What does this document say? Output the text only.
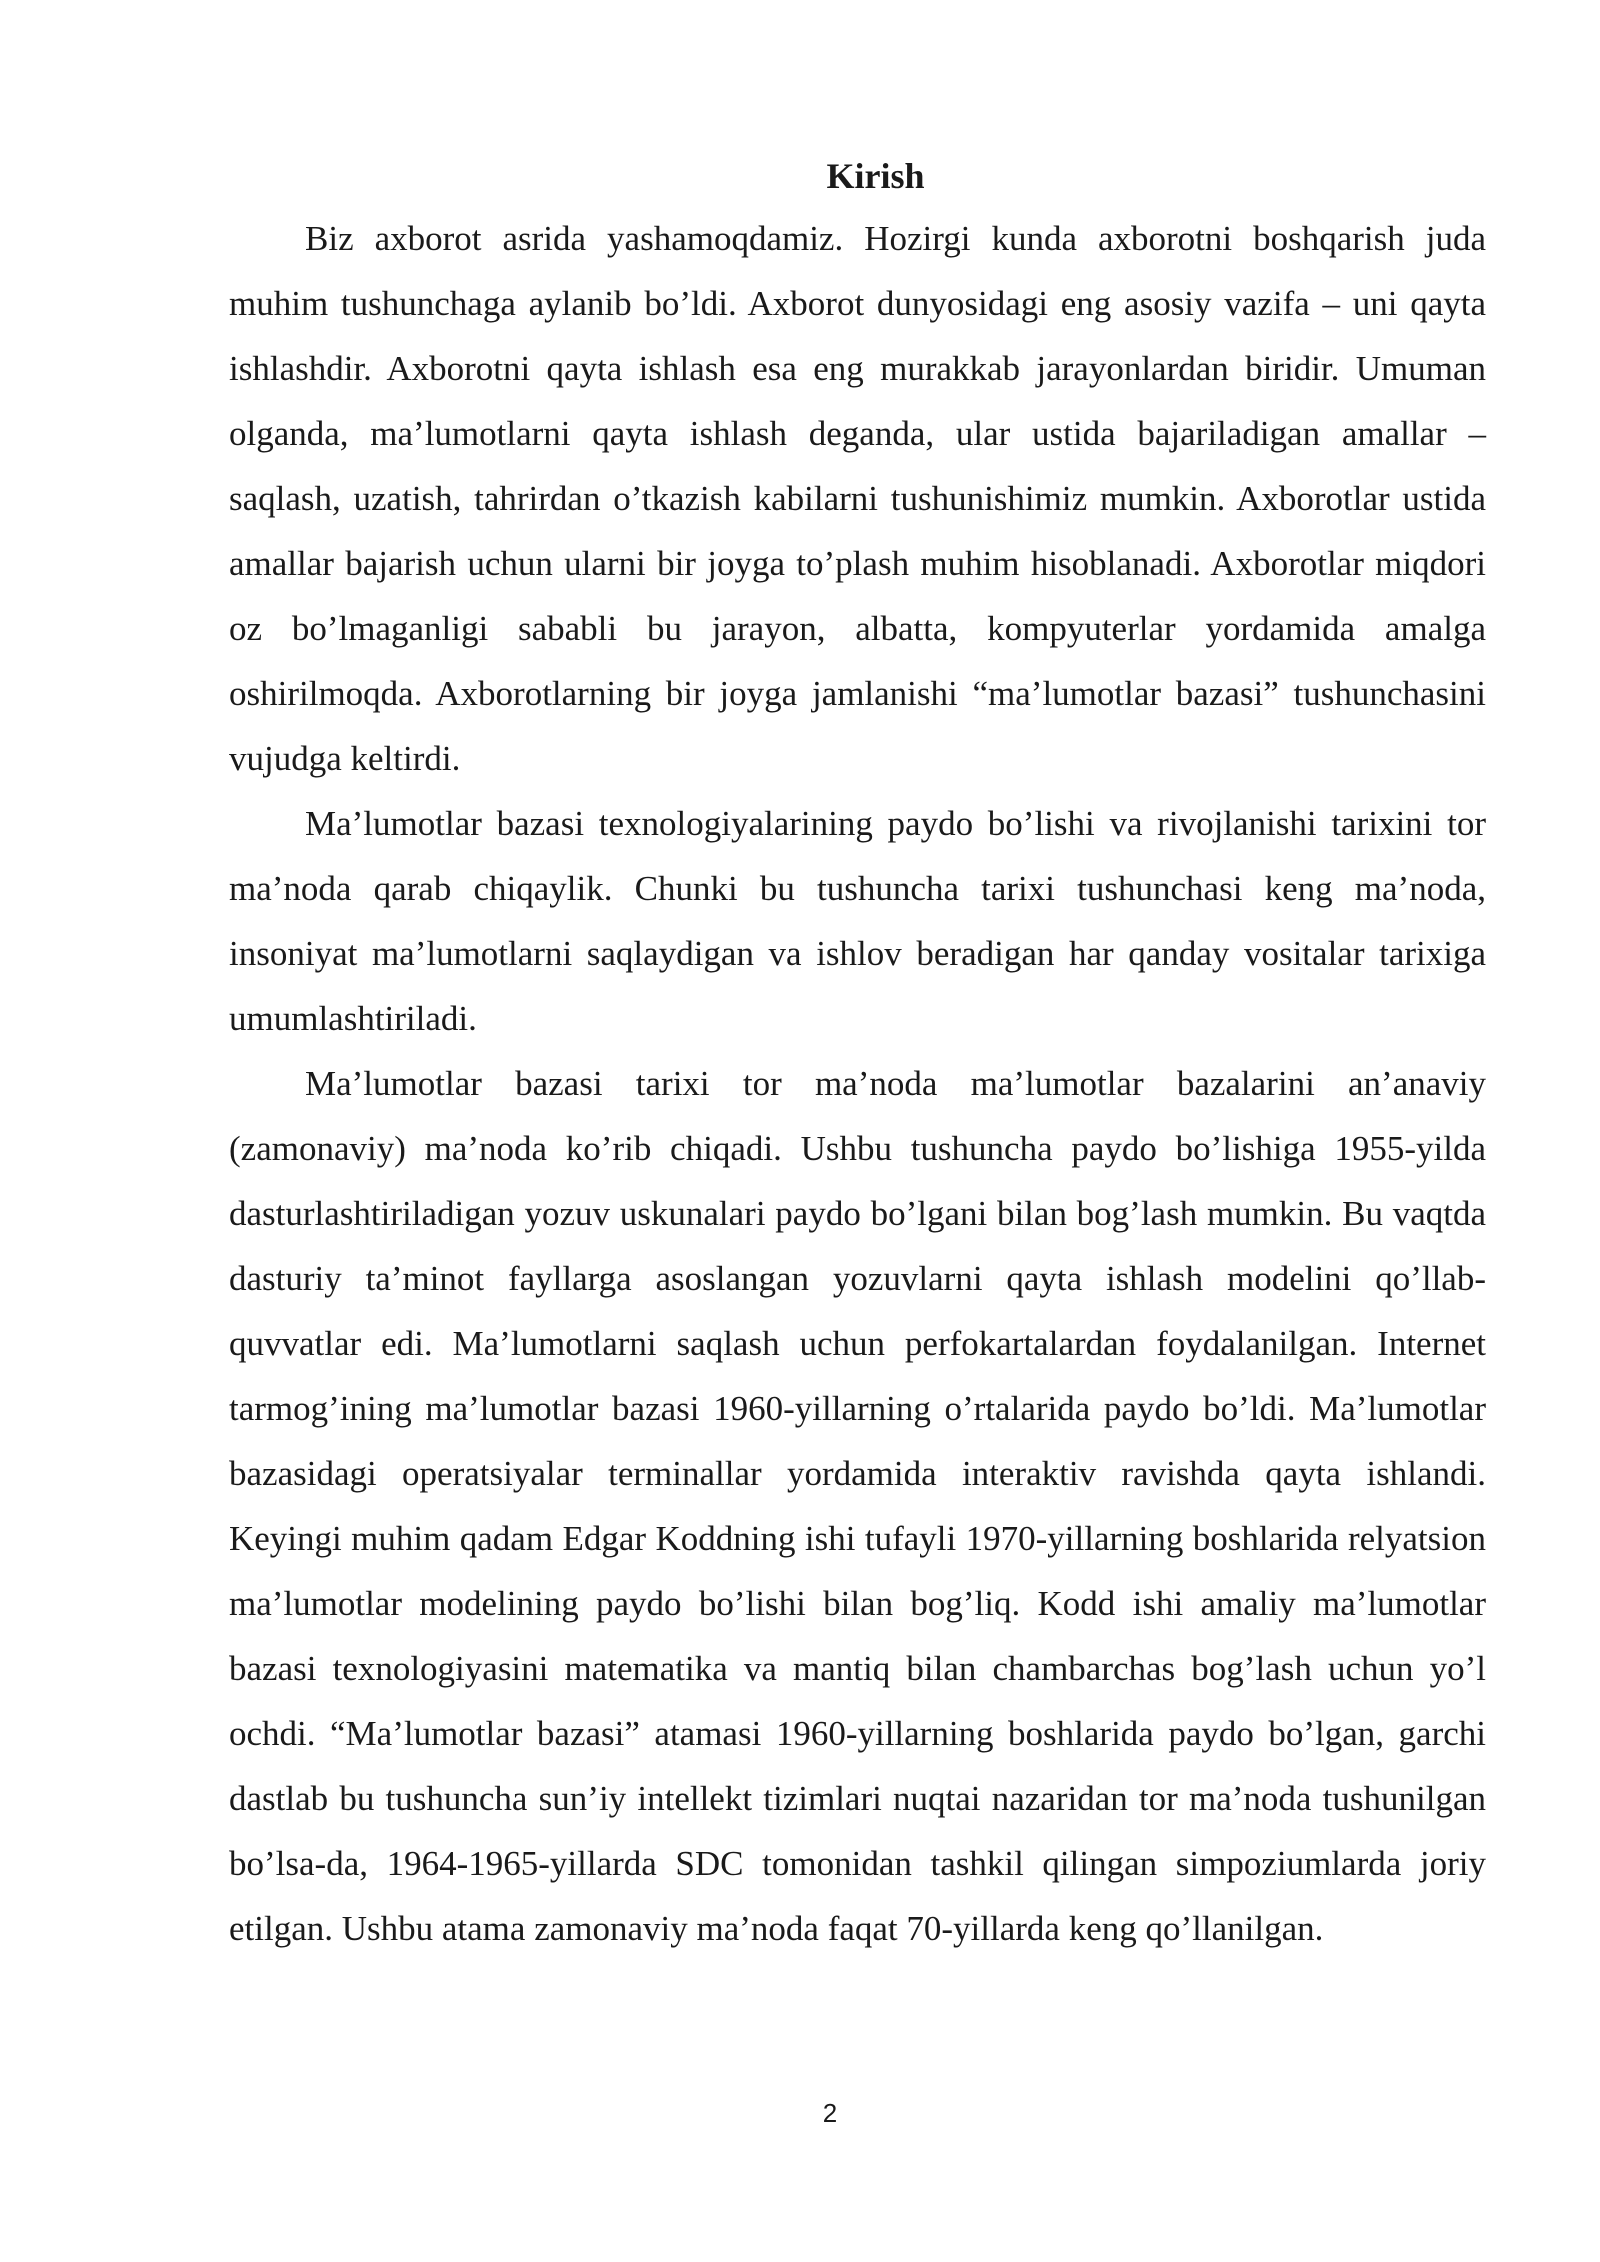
Kirish

Biz axborot asrida yashamoqdamiz. Hozirgi kunda axborotni boshqarish juda muhim tushunchaga aylanib bo’ldi. Axborot dunyosidagi eng asosiy vazifa – uni qayta ishlashdir. Axborotni qayta ishlash esa eng murakkab jarayonlardan biridir. Umuman olganda, ma’lumotlarni qayta ishlash deganda, ular ustida bajariladigan amallar – saqlash, uzatish, tahrirdan o’tkazish kabilarni tushunishimiz mumkin. Axborotlar ustida amallar bajarish uchun ularni bir joyga to’plash muhim hisoblanadi. Axborotlar miqdori oz bo’lmaganligi sababli bu jarayon, albatta, kompyuterlar yordamida amalga oshirilmoqda. Axborotlarning bir joyga jamlanishi “ma’lumotlar bazasi” tushunchasini vujudga keltirdi.

Ma’lumotlar bazasi texnologiyalarining paydo bo’lishi va rivojlanishi tarixini tor ma’noda qarab chiqaylik. Chunki bu tushuncha tarixi tushunchasi keng ma’noda, insoniyat ma’lumotlarni saqlaydigan va ishlov beradigan har qanday vositalar tarixiga umumlashtiriladi.

Ma’lumotlar bazasi tarixi tor ma’noda ma’lumotlar bazalarini an’anaviy (zamonaviy) ma’noda ko’rib chiqadi. Ushbu tushuncha paydo bo’lishiga 1955-yilda dasturlashtiriladigan yozuv uskunalari paydo bo’lgani bilan bog’lash mumkin. Bu vaqtda dasturiy ta’minot fayllarga asoslangan yozuvlarni qayta ishlash modelini qo’llab-quvvatlar edi. Ma’lumotlarni saqlash uchun perfokartalardan foydalanilgan. Internet tarmog’ining ma’lumotlar bazasi 1960-yillarning o’rtalarida paydo bo’ldi. Ma’lumotlar bazasidagi operatsiyalar terminallar yordamida interaktiv ravishda qayta ishlandi. Keyingi muhim qadam Edgar Koddning ishi tufayli 1970-yillarning boshlarida relyatsion ma’lumotlar modelining paydo bo’lishi bilan bog’liq. Kodd ishi amaliy ma’lumotlar bazasi texnologiyasini matematika va mantiq bilan chambarchas bog’lash uchun yo’l ochdi. “Ma’lumotlar bazasi” atamasi 1960-yillarning boshlarida paydo bo’lgan, garchi dastlab bu tushuncha sun’iy intellekt tizimlari nuqtai nazaridan tor ma’noda tushunilgan bo’lsa-da, 1964-1965-yillarda SDC tomonidan tashkil qilingan simpoziumlarda joriy etilgan. Ushbu atama zamonaviy ma’noda faqat 70-yillarda keng qo’llanilgan.

2
